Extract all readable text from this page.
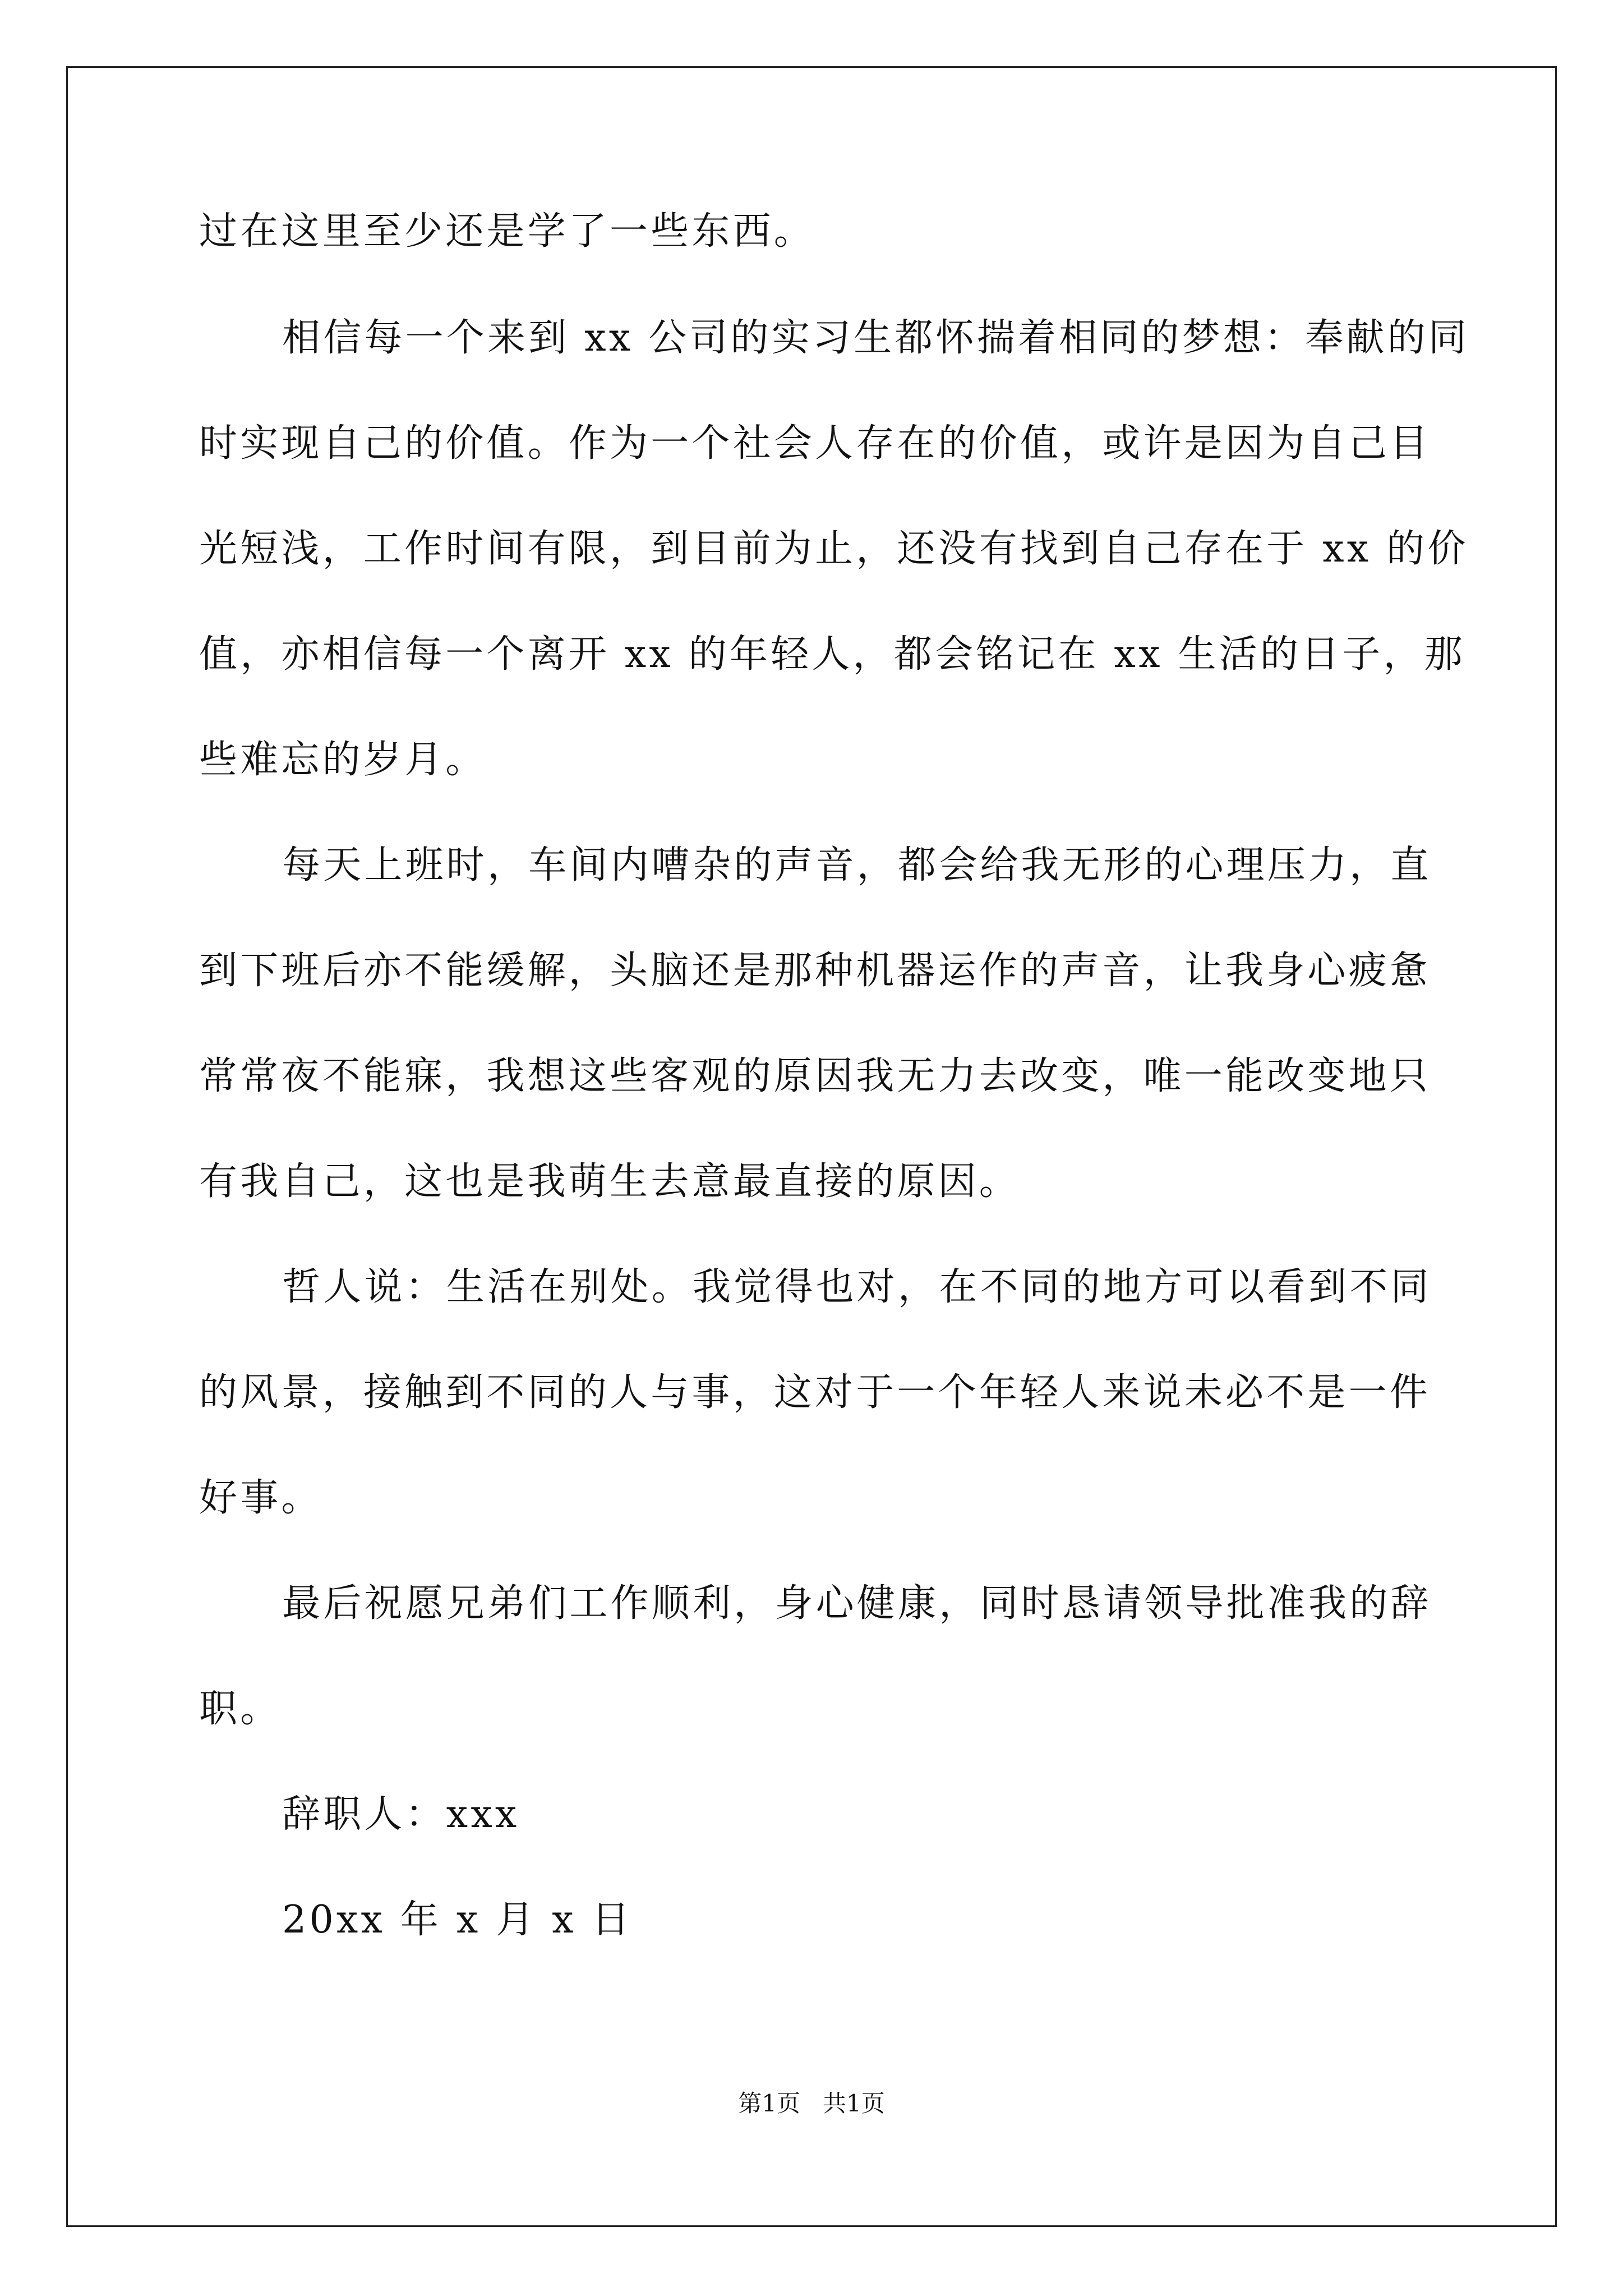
过在这里至少还是学了一些东西。
相信每一个来到 xx 公司的实习生都怀揣着相同的梦想：奉献的同
时实现自己的价值。作为一个社会人存在的价值，或许是因为自己目
光短浅，工作时间有限，到目前为止，还没有找到自己存在于 xx 的价
值，亦相信每一个离开 xx 的年轻人，都会铭记在 xx 生活的日子，那
些难忘的岁月。
每天上班时，车间内嘈杂的声音，都会给我无形的心理压力，直
到下班后亦不能缓解，头脑还是那种机器运作的声音，让我身心疲惫
常常夜不能寐，我想这些客观的原因我无力去改变，唯一能改变地只
有我自己，这也是我萌生去意最直接的原因。
哲人说：生活在别处。我觉得也对，在不同的地方可以看到不同
的风景，接触到不同的人与事，这对于一个年轻人来说未必不是一件
好事。
最后祝愿兄弟们工作顺利，身心健康，同时恳请领导批准我的辞
职。
辞职人：xxx
20xx 年 x 月 x 日
第1页   共1页
